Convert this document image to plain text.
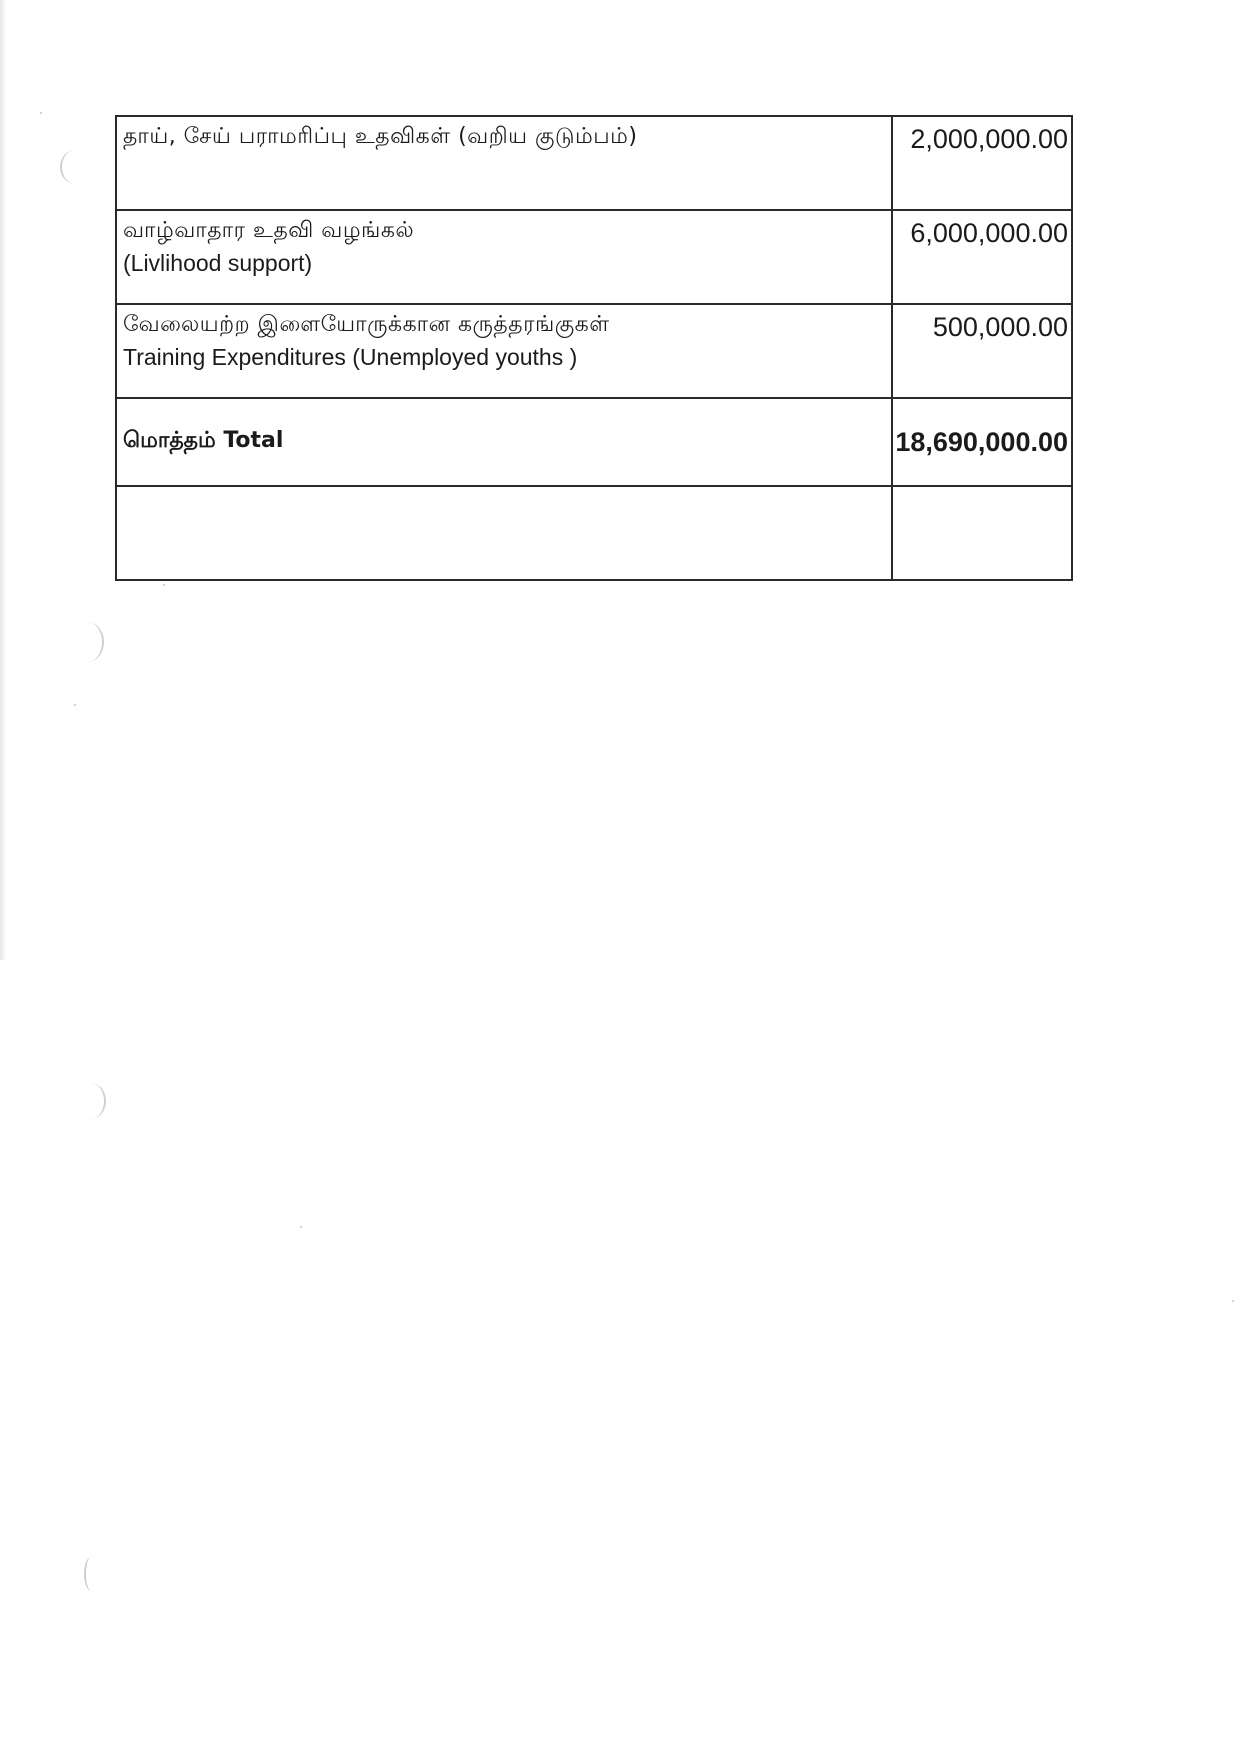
தாய், சேய் பராமரிப்பு உதவிகள் (வறிய குடும்பம்)	2,000,000.00

வாழ்வாதார உதவி வழங்கல்
(Livlihood support)	6,000,000.00

வேலையற்ற இளையோருக்கான கருத்தரங்குகள்
Training Expenditures (Unemployed youths )	500,000.00
மொத்தம் Total	18,690,000.00
